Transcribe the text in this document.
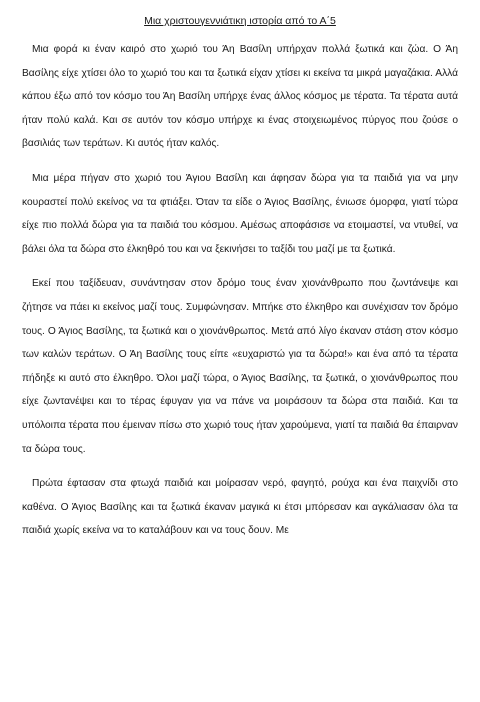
Μια χριστουγεννιάτικη ιστορία από το Α΄5

Μια φορά κι έναν καιρό στο χωριό του Άη Βασίλη υπήρχαν πολλά ξωτικά και ζώα. Ο Άη Βασίλης είχε χτίσει όλο το χωριό του και τα ξωτικά είχαν χτίσει κι εκείνα τα μικρά μαγαζάκια. Αλλά κάπου έξω από τον κόσμο του Άη Βασίλη υπήρχε ένας άλλος κόσμος με τέρατα. Τα τέρατα αυτά ήταν πολύ καλά. Και σε αυτόν τον κόσμο υπήρχε κι ένας στοιχειωμένος πύργος που ζούσε ο βασιλιάς των τεράτων. Κι αυτός ήταν καλός.

Μια μέρα πήγαν στο χωριό του Άγιου Βασίλη και άφησαν δώρα για τα παιδιά για να μην κουραστεί πολύ εκείνος να τα φτιάξει. Όταν τα είδε ο Άγιος Βασίλης, ένιωσε όμορφα, γιατί τώρα είχε πιο πολλά δώρα για τα παιδιά του κόσμου. Αμέσως αποφάσισε να ετοιμαστεί, να ντυθεί, να βάλει όλα τα δώρα στο έλκηθρό του και να ξεκινήσει το ταξίδι του μαζί με τα ξωτικά.

Εκεί που ταξίδευαν, συνάντησαν στον δρόμο τους έναν χιονάνθρωπο που ζωντάνεψε και ζήτησε να πάει κι εκείνος μαζί τους. Συμφώνησαν. Μπήκε στο έλκηθρο και συνέχισαν τον δρόμο τους. Ο Άγιος Βασίλης, τα ξωτικά και ο χιονάνθρωπος. Μετά από λίγο έκαναν στάση στον κόσμο των καλών τεράτων. Ο Άη Βασίλης τους είπε «ευχαριστώ για τα δώρα!» και ένα από τα τέρατα πήδηξε κι αυτό στο έλκηθρο. Όλοι μαζί τώρα, ο Άγιος Βασίλης, τα ξωτικά, ο χιονάνθρωπος που είχε ζωντανέψει και το τέρας έφυγαν για να πάνε να μοιράσουν τα δώρα στα παιδιά. Και τα υπόλοιπα τέρατα που έμειναν πίσω στο χωριό τους ήταν χαρούμενα, γιατί τα παιδιά θα έπαιρναν τα δώρα τους.

Πρώτα έφτασαν στα φτωχά παιδιά και μοίρασαν νερό, φαγητό, ρούχα και ένα παιχνίδι στο καθένα. Ο Άγιος Βασίλης και τα ξωτικά έκαναν μαγικά κι έτσι μπόρεσαν και αγκάλιασαν όλα τα παιδιά χωρίς εκείνα να το καταλάβουν και να τους δουν. Με
